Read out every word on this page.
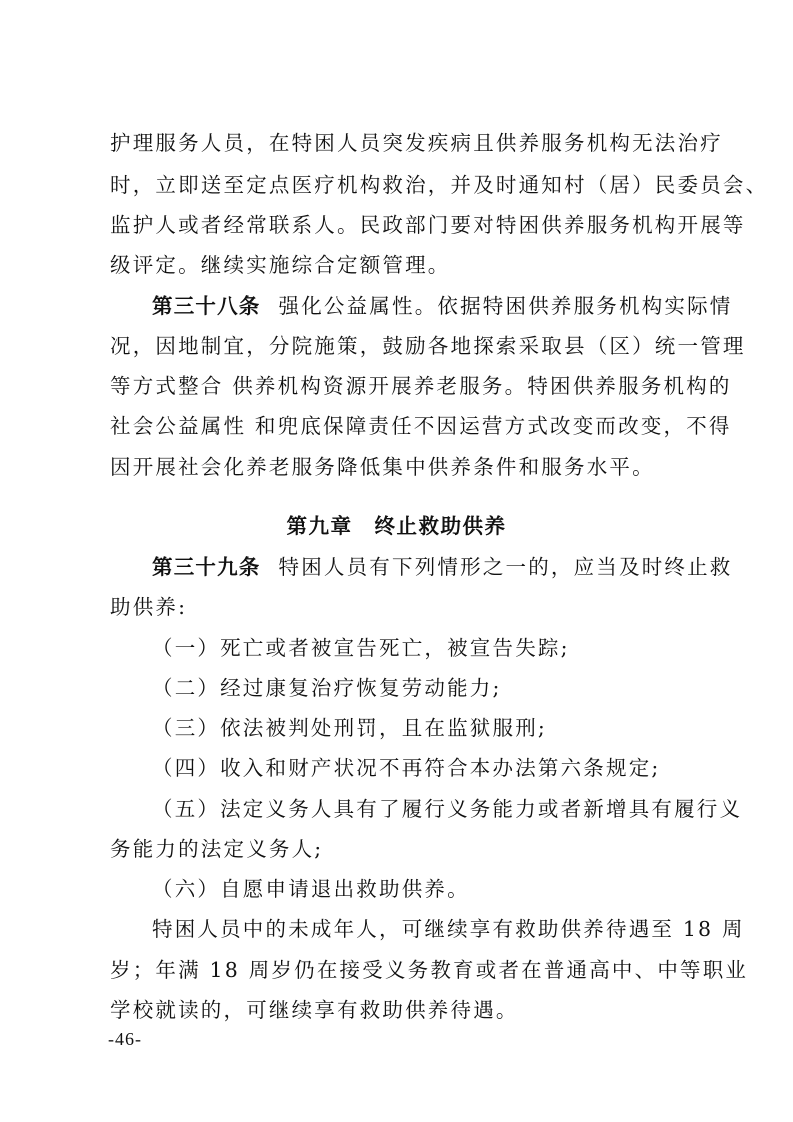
护理服务人员，在特困人员突发疾病且供养服务机构无法治疗
时，立即送至定点医疗机构救治，并及时通知村（居）民委员会、
监护人或者经常联系人。民政部门要对特困供养服务机构开展等
级评定。继续实施综合定额管理。
第三十八条 强化公益属性。依据特困供养服务机构实际情
况，因地制宜，分院施策，鼓励各地探索采取县（区）统一管理
等方式整合 供养机构资源开展养老服务。特困供养服务机构的
社会公益属性 和兜底保障责任不因运营方式改变而改变，不得
因开展社会化养老服务降低集中供养条件和服务水平。
第九章 终止救助供养
第三十九条 特困人员有下列情形之一的，应当及时终止救
助供养:
（一）死亡或者被宣告死亡，被宣告失踪;
（二）经过康复治疗恢复劳动能力;
（三）依法被判处刑罚，且在监狱服刑;
（四）收入和财产状况不再符合本办法第六条规定;
（五）法定义务人具有了履行义务能力或者新增具有履行义
务能力的法定义务人;
（六）自愿申请退出救助供养。
特困人员中的未成年人，可继续享有救助供养待遇至 18 周
岁；年满 18 周岁仍在接受义务教育或者在普通高中、中等职业
学校就读的，可继续享有救助供养待遇。
-46-
